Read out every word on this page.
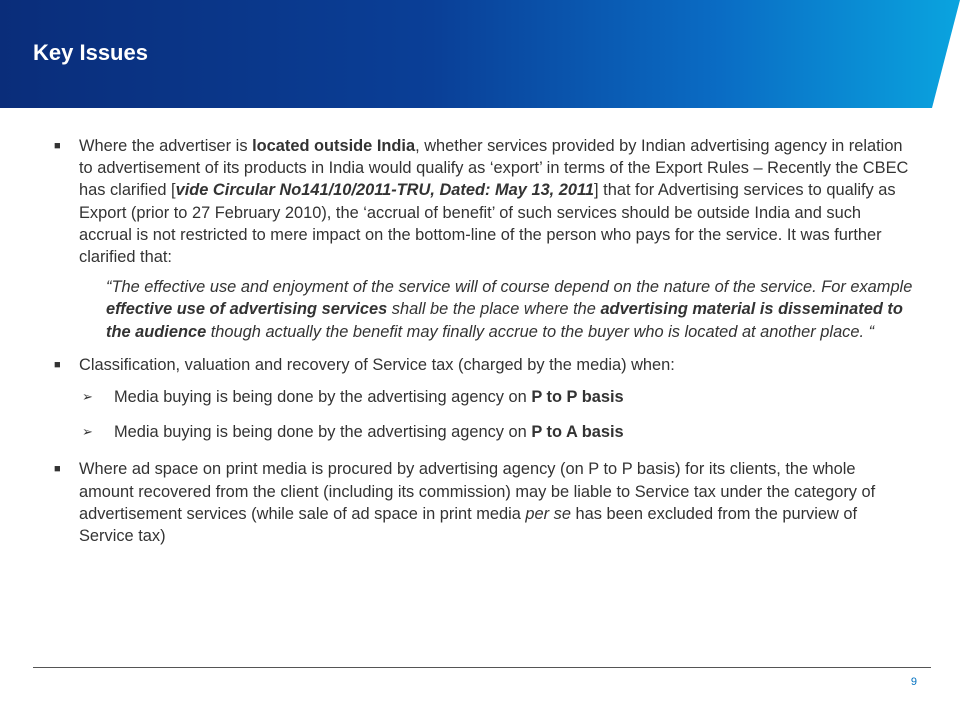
Key Issues
■ Where the advertiser is located outside India, whether services provided by Indian advertising agency in relation to advertisement of its products in India would qualify as ‘export’ in terms of the Export Rules – Recently the CBEC has clarified [vide Circular No141/10/2011-TRU, Dated: May 13, 2011] that for Advertising services to qualify as Export (prior to 27 February 2010), the ‘accrual of benefit’ of such services should be outside India and such accrual is not restricted to mere impact on the bottom-line of the person who pays for the service. It was further clarified that:
“The effective use and enjoyment of the service will of course depend on the nature of the service. For example effective use of advertising services shall be the place where the advertising material is disseminated to the audience though actually the benefit may finally accrue to the buyer who is located at another place. “
■ Classification, valuation and recovery of Service tax (charged by the media) when:
➢ Media buying is being done by the advertising agency on P to P basis
➢ Media buying is being done by the advertising agency on P to A basis
■ Where ad space on print media is procured by advertising agency (on P to P basis) for its clients, the whole amount recovered from the client (including its commission) may be liable to Service tax under the category of advertisement services (while sale of ad space in print media per se has been excluded from the purview of Service tax)
9
